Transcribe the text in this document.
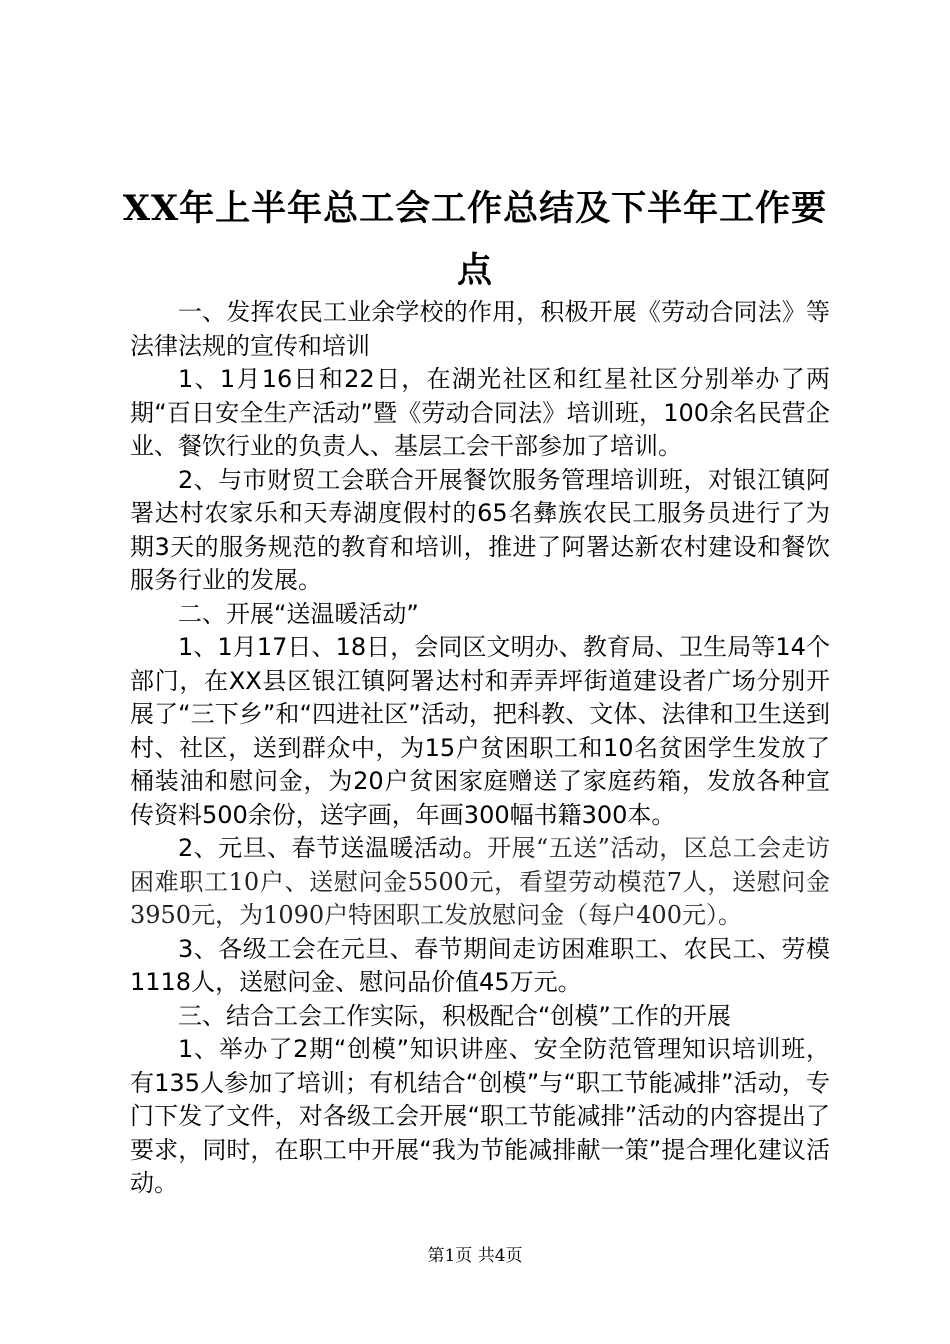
XX年上半年总工会工作总结及下半年工作要点

一、发挥农民工业余学校的作用，积极开展《劳动合同法》等法律法规的宣传和培训

1、1月16日和22日，在湖光社区和红星社区分别举办了两期“百日安全生产活动”暨《劳动合同法》培训班，100余名民营企业、餐饮行业的负责人、基层工会干部参加了培训。

2、与市财贸工会联合开展餐饮服务管理培训班，对银江镇阿署达村农家乐和天寿湖度假村的65名彝族农民工服务员进行了为期3天的服务规范的教育和培训，推进了阿署达新农村建设和餐饮服务行业的发展。

二、开展“送温暖活动”

1、1月17日、18日，会同区文明办、教育局、卫生局等14个部门，在XX县区银江镇阿署达村和弄弄坪街道建设者广场分别开展了“三下乡”和“四进社区”活动，把科教、文体、法律和卫生送到村、社区，送到群众中，为15户贫困职工和10名贫困学生发放了桶装油和慰问金，为20户贫困家庭赠送了家庭药箱，发放各种宣传资料500余份，送字画，年画300幅书籍300本。

2、元旦、春节送温暖活动。开展“五送”活动，区总工会走访困难职工10户、送慰问金5500元，看望劳动模范7人，送慰问金3950元，为1090户特困职工发放慰问金（每户400元）。

3、各级工会在元旦、春节期间走访困难职工、农民工、劳模1118人，送慰问金、慰问品价值45万元。

三、结合工会工作实际，积极配合“创模”工作的开展

1、举办了2期“创模”知识讲座、安全防范管理知识培训班，有135人参加了培训；有机结合“创模”与“职工节能减排”活动，专门下发了文件，对各级工会开展“职工节能减排”活动的内容提出了要求，同时，在职工中开展“我为节能减排献一策”提合理化建议活动。

第1页 共4页
